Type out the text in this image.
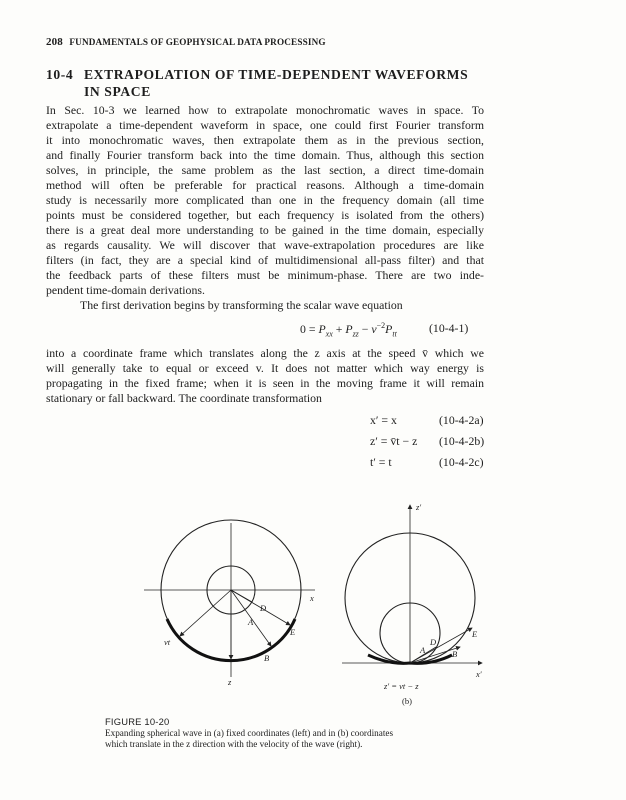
208 FUNDAMENTALS OF GEOPHYSICAL DATA PROCESSING
10-4 EXTRAPOLATION OF TIME-DEPENDENT WAVEFORMS
IN SPACE
In Sec. 10-3 we learned how to extrapolate monochromatic waves in space. To
extrapolate a time-dependent waveform in space, one could first Fourier transform
it into monochromatic waves, then extrapolate them as in the previous section,
and finally Fourier transform back into the time domain. Thus, although this section
solves, in principle, the same problem as the last section, a direct time-domain
method will often be preferable for practical reasons. Although a time-domain
study is necessarily more complicated than one in the frequency domain (all time
points must be considered together, but each frequency is isolated from the others)
there is a great deal more understanding to be gained in the time domain, especially
as regards causality. We will discover that wave-extrapolation procedures are like
filters (in fact, they are a special kind of multidimensional all-pass filter) and that
the feedback parts of these filters must be minimum-phase. There are two inde-
pendent time-domain derivations.
The first derivation begins by transforming the scalar wave equation
$0 = P_{xx} + P_{zz} - v^{-2}P_{tt}$	(10-4-1)
into a coordinate frame which translates along the z axis at the speed v̄ which we
will generally take to equal or exceed v. It does not matter which way energy is
propagating in the fixed frame; when it is seen in the moving frame it will remain
stationary or fall backward. The coordinate transformation
x′ = x	(10-4-2a)
z′ = v̄t − z (10-4-2b)
t′ = t	(10-4-2c)
x
z
vt
A
B
D
E
z′
x′
A	B
D
E
z′ = vt − z
(b)
FIGURE 10-20
Expanding spherical wave in (a) fixed coordinates (left) and in (b) coordinates
which translate in the z direction with the velocity of the wave (right).
